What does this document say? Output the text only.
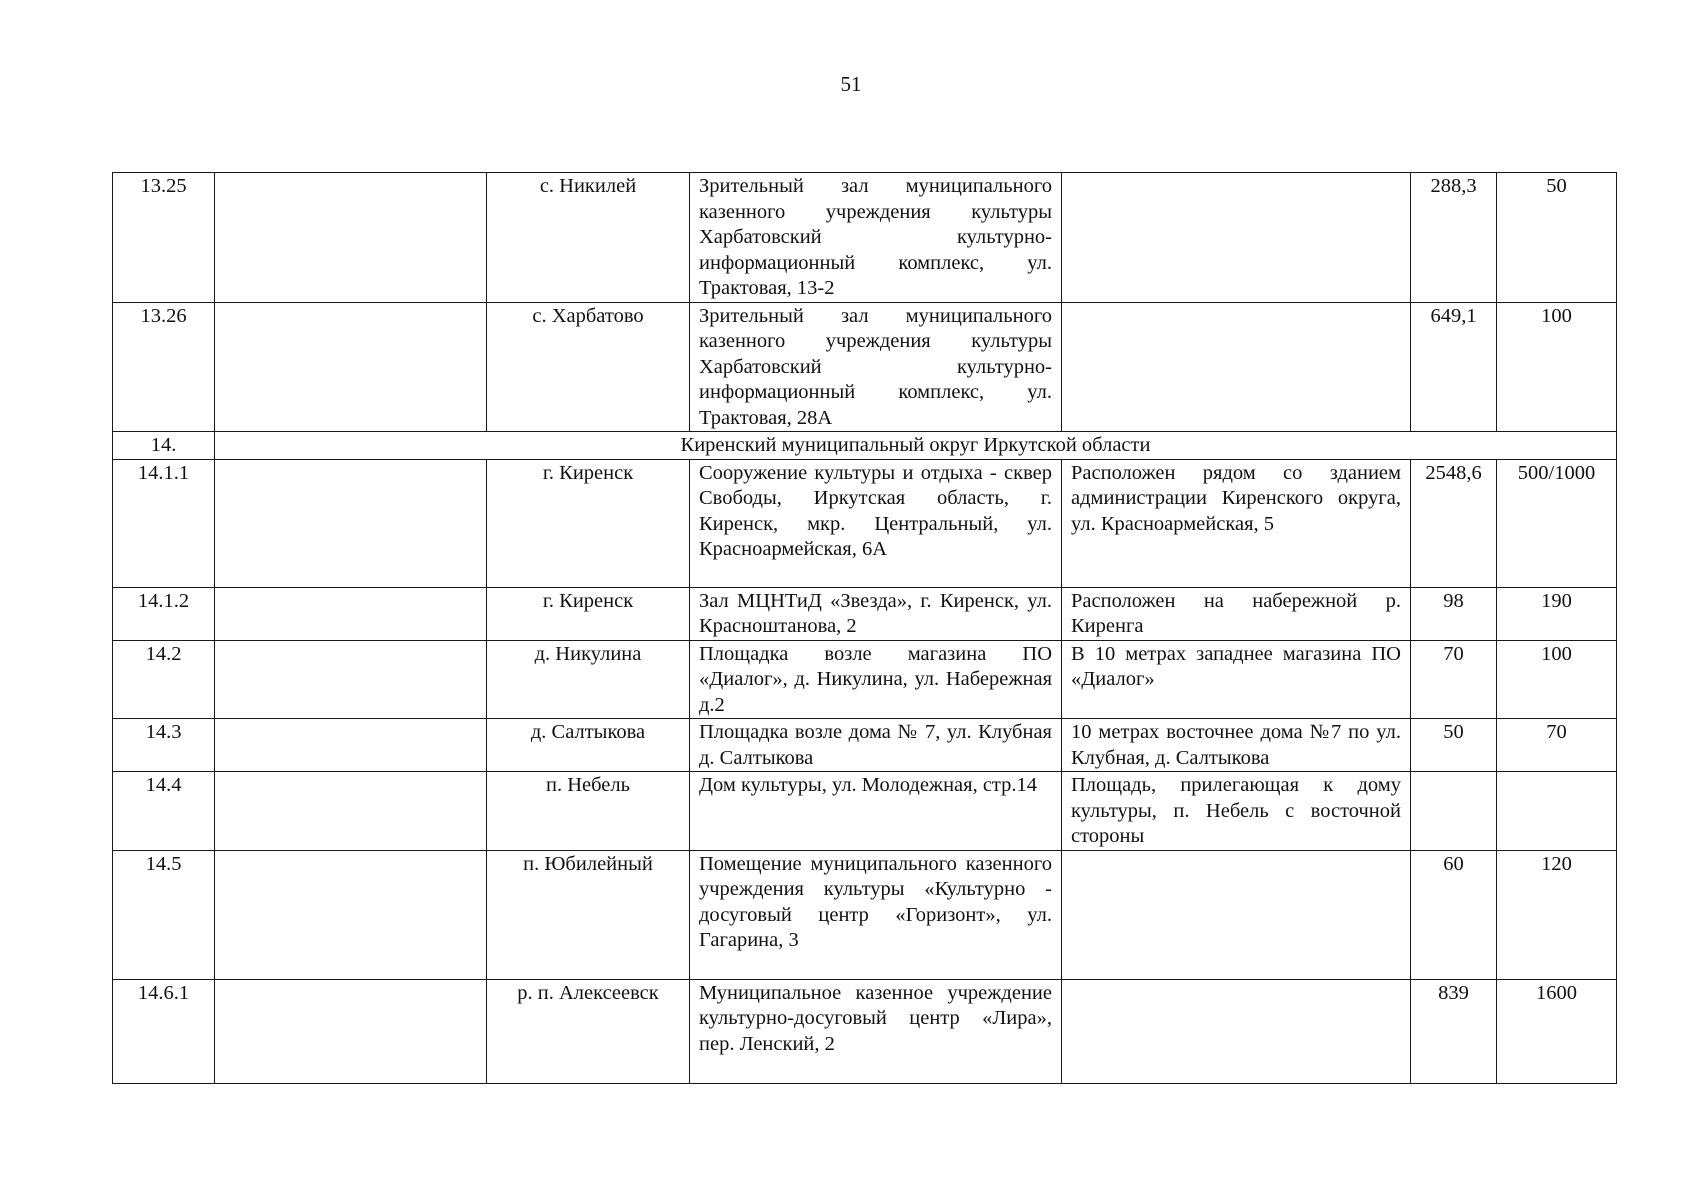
51
13.25		с. Никилей	Зрительный зал муниципального казенного учреждения культуры Харбатовский культурно-информационный комплекс, ул. Трактовая, 13-2		288,3	50
13.26		с. Харбатово	Зрительный зал муниципального казенного учреждения культуры Харбатовский культурно-информационный комплекс, ул. Трактовая, 28А		649,1	100
14.	Киренский муниципальный округ Иркутской области					
14.1.1		г. Киренск	Сооружение культуры и отдыха - сквер Свободы, Иркутская область, г. Киренск, мкр. Центральный, ул. Красноармейская, 6А	Расположен рядом со зданием администрации Киренского округа, ул. Красноармейская, 5	2548,6	500/1000
14.1.2		г. Киренск	Зал МЦНТиД «Звезда», г. Киренск, ул. Красноштанова, 2	Расположен на набережной р. Киренга	98	190
14.2		д. Никулина	Площадка возле магазина ПО «Диалог», д. Никулина, ул. Набережная д.2	В 10 метрах западнее магазина ПО «Диалог»	70	100
14.3		д. Салтыкова	Площадка возле дома № 7, ул. Клубная д. Салтыкова	10 метрах восточнее дома №7 по ул. Клубная, д. Салтыкова	50	70
14.4		п. Небель	Дом культуры, ул. Молодежная, стр.14	Площадь, прилегающая к дому культуры, п. Небель с восточной стороны		
14.5		п. Юбилейный	Помещение муниципального казенного учреждения культуры «Культурно - досуговый центр «Горизонт», ул. Гагарина, 3		60	120
14.6.1		р. п. Алексеевск	Муниципальное казенное учреждение культурно-досуговый центр «Лира», пер. Ленский, 2		839	1600
